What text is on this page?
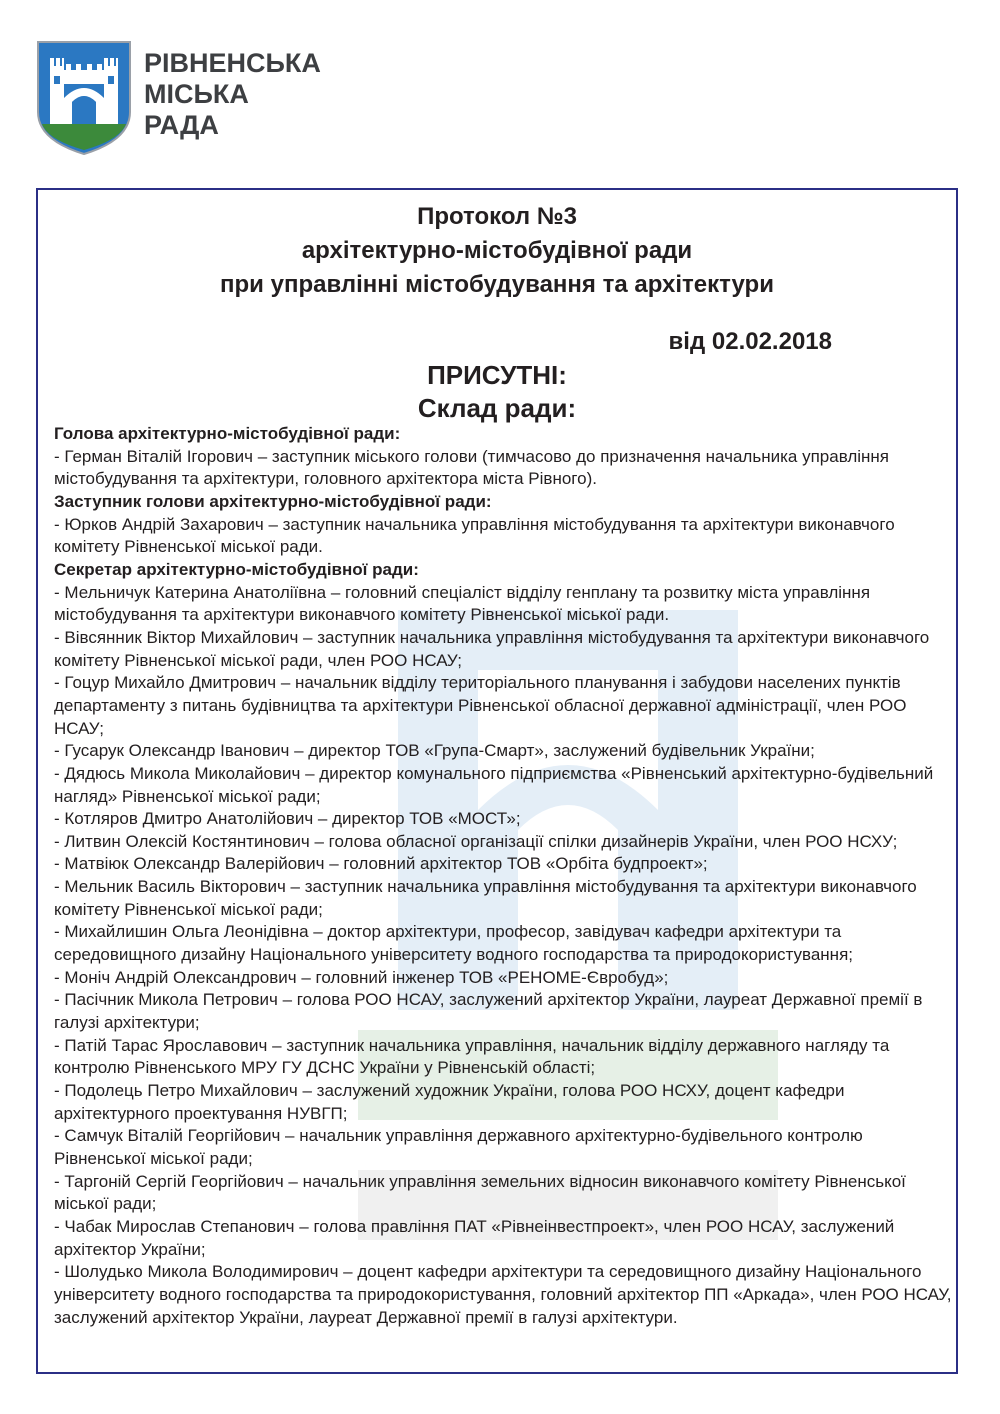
РІВНЕНСЬКА
МІСЬКА
РАДА
Протокол №3
архітектурно-містобудівної ради
при управлінні містобудування та архітектури
від 02.02.2018
ПРИСУТНІ:
Склад ради:

Голова архітектурно-містобудівної ради:

- Герман Віталій Ігорович – заступник міського голови (тимчасово до призначення начальника управління містобудування та архітектури, головного архітектора міста Рівного).

Заступник голови архітектурно-містобудівної ради:

- Юрков Андрій Захарович – заступник начальника управління містобудування та архітектури виконавчого комітету Рівненської міської ради.

Секретар архітектурно-містобудівної ради:

- Мельничук Катерина Анатоліївна – головний спеціаліст відділу генплану та розвитку міста управління містобудування та архітектури виконавчого комітету Рівненської міської ради.

- Вівсянник Віктор Михайлович – заступник начальника управління містобудування та архітектури виконавчого комітету Рівненської міської ради, член РОО НСАУ;

- Гоцур Михайло Дмитрович – начальник відділу територіального планування і забудови населених пунктів департаменту з питань будівництва та архітектури Рівненської обласної державної адміністрації, член РОО НСАУ;

- Гусарук Олександр Іванович – директор ТОВ «Група-Смарт», заслужений будівельник України;

- Дядюсь Микола Миколайович – директор комунального підприємства «Рівненський архітектурно-будівельний нагляд» Рівненської міської ради;

- Котляров Дмитро Анатолійович – директор ТОВ «МОСТ»;

- Литвин Олексій Костянтинович – голова обласної організації спілки дизайнерів України, член РОО НСХУ;

- Матвіюк Олександр Валерійович – головний архітектор ТОВ «Орбіта будпроект»;

- Мельник Василь Вікторович – заступник начальника управління містобудування та архітектури виконавчого комітету Рівненської міської ради;

- Михайлишин Ольга Леонідівна – доктор архітектури, професор, завідувач кафедри архітектури та середовищного дизайну Національного університету водного господарства та природокористування;

- Моніч Андрій Олександрович – головний інженер ТОВ «РЕНОМЕ-Євробуд»;

- Пасічник Микола Петрович – голова РОО НСАУ, заслужений архітектор України, лауреат Державної премії в галузі архітектури;

- Патій Тарас Ярославович – заступник начальника управління, начальник відділу державного нагляду та контролю Рівненського МРУ ГУ ДСНС України у Рівненській області;

- Подолець Петро Михайлович – заслужений художник України, голова РОО НСХУ, доцент кафедри архітектурного проектування НУВГП;

- Самчук Віталій Георгійович – начальник управління державного архітектурно-будівельного контролю Рівненської міської ради;

- Таргоній Сергій Георгійович – начальник управління земельних відносин виконавчого комітету Рівненської міської ради;

- Чабак Мирослав Степанович – голова правління ПАТ «Рівнеінвестпроект», член РОО НСАУ, заслужений архітектор України;

- Шолудько Микола Володимирович – доцент кафедри архітектури та середовищного дизайну Національного університету водного господарства та природокористування, головний архітектор ПП «Аркада», член РОО НСАУ, заслужений архітектор України, лауреат Державної премії в галузі архітектури.
